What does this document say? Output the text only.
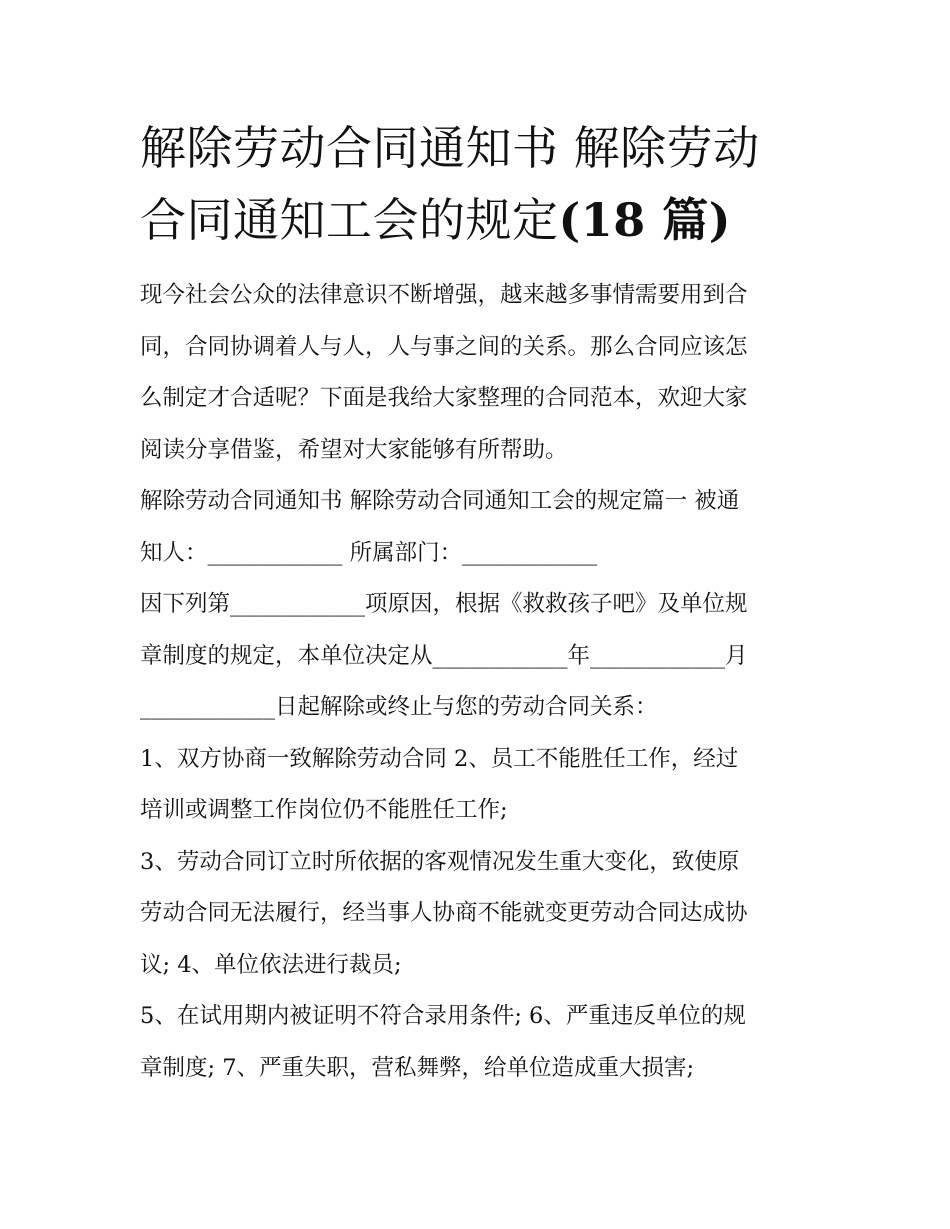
解除劳动合同通知书 解除劳动
合同通知工会的规定(18 篇)

现今社会公众的法律意识不断增强，越来越多事情需要用到合
同，合同协调着人与人，人与事之间的关系。那么合同应该怎
么制定才合适呢？下面是我给大家整理的合同范本，欢迎大家
阅读分享借鉴，希望对大家能够有所帮助。

解除劳动合同通知书 解除劳动合同通知工会的规定篇一 被通
知人：____________ 所属部门：____________

因下列第____________项原因，根据《救救孩子吧》及单位规
章制度的规定，本单位决定从____________年____________月
____________日起解除或终止与您的劳动合同关系：

1、双方协商一致解除劳动合同 2、员工不能胜任工作，经过
培训或调整工作岗位仍不能胜任工作;

3、劳动合同订立时所依据的客观情况发生重大变化，致使原
劳动合同无法履行，经当事人协商不能就变更劳动合同达成协
议; 4、单位依法进行裁员;

5、在试用期内被证明不符合录用条件; 6、严重违反单位的规
章制度; 7、严重失职，营私舞弊，给单位造成重大损害;
